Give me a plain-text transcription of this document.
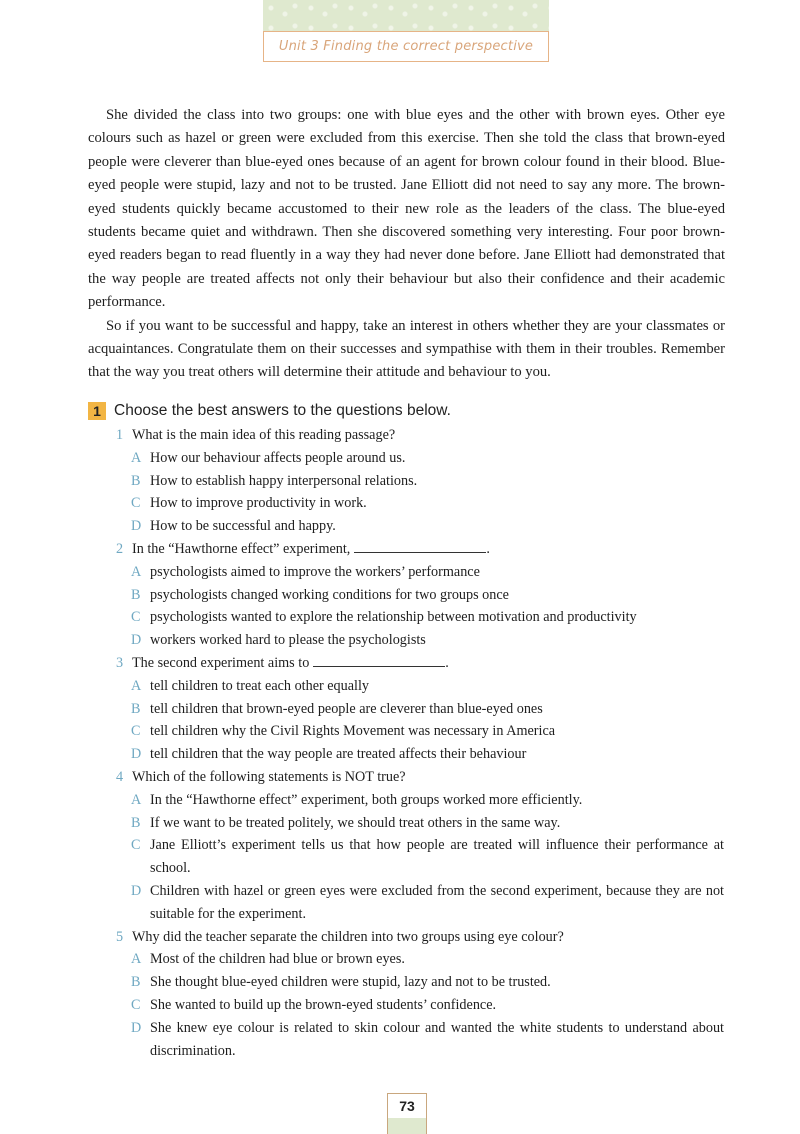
Unit 3 Finding the correct perspective

She divided the class into two groups: one with blue eyes and the other with brown eyes. Other eye colours such as hazel or green were excluded from this exercise. Then she told the class that brown-eyed people were cleverer than blue-eyed ones because of an agent for brown colour found in their blood. Blue-eyed people were stupid, lazy and not to be trusted. Jane Elliott did not need to say any more. The brown-eyed students quickly became accustomed to their new role as the leaders of the class. The blue-eyed students became quiet and withdrawn. Then she discovered something very interesting. Four poor brown-eyed readers began to read fluently in a way they had never done before. Jane Elliott had demonstrated that the way people are treated affects not only their behaviour but also their confidence and their academic performance.

So if you want to be successful and happy, take an interest in others whether they are your classmates or acquaintances. Congratulate them on their successes and sympathise with them in their troubles. Remember that the way you treat others will determine their attitude and behaviour to you.

1 Choose the best answers to the questions below.
1 What is the main idea of this reading passage?
A How our behaviour affects people around us.
B How to establish happy interpersonal relations.
C How to improve productivity in work.
D How to be successful and happy.
2 In the “Hawthorne effect” experiment,	.
A psychologists aimed to improve the workers’ performance
B psychologists changed working conditions for two groups once
C psychologists wanted to explore the relationship between motivation and productivity
D workers worked hard to please the psychologists
3 The second experiment aims to	.
A tell children to treat each other equally
B tell children that brown-eyed people are cleverer than blue-eyed ones
C tell children why the Civil Rights Movement was necessary in America
D tell children that the way people are treated affects their behaviour
4 Which of the following statements is NOT true?
A In the “Hawthorne effect” experiment, both groups worked more efficiently.
B If we want to be treated politely, we should treat others in the same way.
C Jane Elliott’s experiment tells us that how people are treated will influence their performance at school.
D Children with hazel or green eyes were excluded from the second experiment, because they are not suitable for the experiment.
5 Why did the teacher separate the children into two groups using eye colour?
A Most of the children had blue or brown eyes.
B She thought blue-eyed children were stupid, lazy and not to be trusted.
C She wanted to build up the brown-eyed students’ confidence.
D She knew eye colour is related to skin colour and wanted the white students to understand about discrimination.
73
